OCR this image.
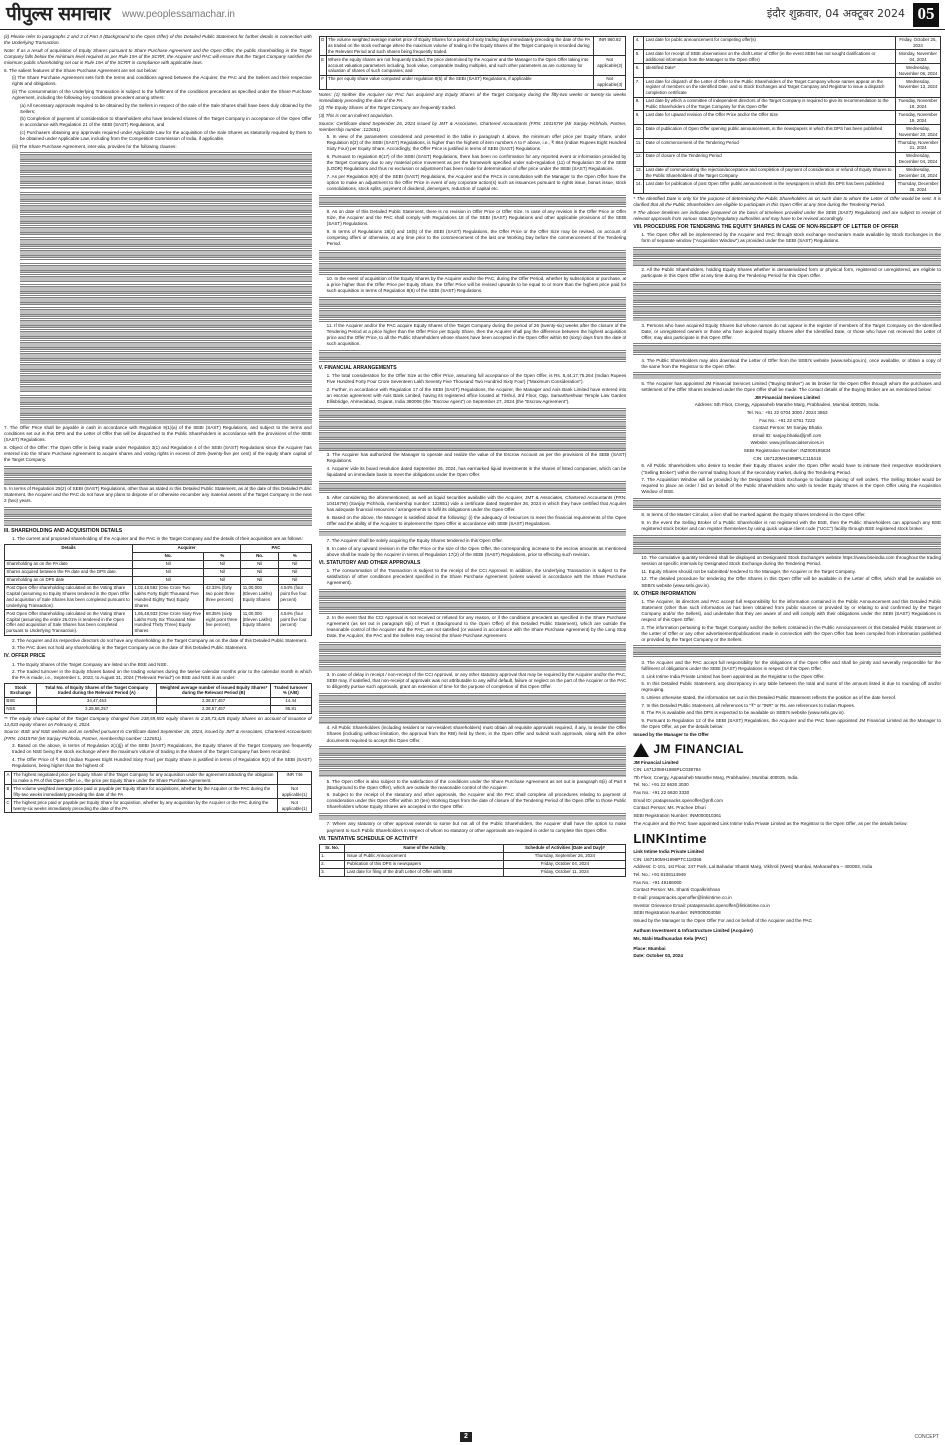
पीपुल्स समाचार www.peoplessamachar.in	इंदौर शुक्रवार, 04 अक्टूबर 2024 05

(ii) Please refer to paragraphs 2 and 3 of Part II (Background to the Open Offer) of this Detailed Public Statement for further details in connection with the Underlying Transaction.

Note: If as a result of acquisition of Equity Shares pursuant to Share Purchase Agreement and the Open Offer, the public shareholding in the Target Company falls below the minimum level required as per Rule 19A of the SCRR, the Acquirer and PAC will ensure that the Target Company satisfies the minimum public shareholding set out in Rule 19A of the SCRR in compliance with applicable laws.

6. The salient features of the Share Purchase Agreement are set out below:

(i) The Share Purchase Agreement sets forth the terms and conditions agreed between the Acquirer, the PAC and the Sellers and their respective rights and obligations.

(ii) The consummation of the Underlying Transaction is subject to the fulfilment of the conditions precedent as specified under the Share Purchase Agreement, including the following key conditions precedent among others:

(a) All necessary approvals required to be obtained by the Sellers in respect of the sale of the Sale Shares shall have been duly obtained by the Sellers;

(b) Completion of payment of consideration to shareholders who have tendered shares of the Target Company in acceptance of the Open Offer in accordance with Regulation 21 of the SEBI (SAST) Regulations, and

(c) Purchasers obtaining any approvals required under Applicable Law for the acquisition of the Sale Shares as statutorily required by them to be obtained under Applicable Law, including from the Competition Commission of India, if applicable.

(iii) The Share Purchase Agreement, inter-alia, provides for the following clauses:

7. The Offer Price shall be payable in cash in accordance with Regulation 9(1)(a) of the SEBI (SAST) Regulations, and subject to the terms and conditions set out in this DPS and the Letter of Offer that will be dispatched to the Public Shareholders in accordance with the provisions of the SEBI (SAST) Regulations.

8. Object of the Offer: The Open Offer is being made under Regulation 3(1) and Regulation 4 of the SEBI (SAST) Regulations since the Acquirer has entered into the Share Purchase Agreement to acquire shares and voting rights in excess of 25% (twenty-five per cent) of the equity share capital of the Target Company.

9. In terms of Regulation 25(2) of SEBI (SAST) Regulations, other than as stated in this Detailed Public Statement, as at the date of this Detailed Public Statement, the Acquirer and the PAC do not have any plans to dispose of or otherwise encumber any material assets of the Target Company in the next 2 (two) years.

III. SHAREHOLDING AND ACQUISITION DETAILS

1. The current and proposed shareholding of the Acquirer and the PAC in the Target Company and the details of their acquisition are as follows:

Details	Acquirer		PAC	
	No.	%	No.	%
Shareholding as on the PA date	Nil	Nil	Nil	Nil
Shares acquired between the PA date and the DPS date.	Nil	Nil	Nil	Nil
Shareholding as on DPS date	Nil	Nil	Nil	Nil
Post Open Offer shareholding calculated on the Voting Share Capital (assuming no Equity Shares tendered in the Open Offer and acquisition of Sale Shares has been completed pursuant to Underlying Transaction).	1,02,48,582 (One Crore Two Lakhs Forty Eight Thousand Five Hundred Eighty Two) Equity Shares	42.33% (forty two point three three percent)	11,00,000 (Eleven Lakhs) Equity Shares	4.54% (four point five four percent)
Post Open Offer shareholding calculated on the Voting Share Capital (assuming the entire 26.01% is tendered in the Open Offer and acquisition of Sale Shares has been completed pursuant to Underlying Transaction).	1,65,48,933 (One Crore Sixty Five Lakhs Forty Six Thousand Nine Hundred Thirty Three) Equity Shares	68.35% (sixty eight point three five percent)	11,00,000 (Eleven Lakhs) Equity Shares	4.54% (four point five four percent)

2. The Acquirer and its respective directors do not have any shareholding in the Target Company as on the date of this Detailed Public Statement.

3. The PAC does not hold any shareholding in the Target Company as on the date of this Detailed Public Statement.

IV. OFFER PRICE

1. The Equity Shares of the Target Company are listed on the BSE and NSE.

2. The traded turnover in the Equity Shares based on the trading volumes during the twelve calendar months prior to the calendar month in which the PA is made, i.e., September 1, 2023, to August 31, 2024 ("Relevant Period") on BSE and NSE is as under:

Stock Exchange	Total No. of Equity Shares of the Target Company traded during the Relevant Period (A)	Weighted average number of issued Equity Shares* during the Relevant Period (B)	Traded turnover % (A/B)
BSE	34,47,463	2,38,67,457	14.44
NSE	2,28,66,257	2,38,67,457	95.81

** The equity share capital of the Target Company changed from 238,59,592 equity shares to 2,38,73,425 Equity Shares on account of issuance of 13,833 equity shares on February 6, 2024.

Source: BSE and NSE website and as certified pursuant to Certificate dated September 26, 2024, issued by JMT & Associates, Chartered Accountants (FRN: 104157W (Mr Sanjay Pichhola, Partner, membership number :122651).

3. Based on the above, in terms of Regulation 2(1)(j) of the SEBI (SAST) Regulations, the Equity Shares of the Target Company are frequently traded on NSE being the stock exchange where the maximum volume of trading in the shares of the Target Company has been recorded.

4. The Offer Price of ₹ 864 (Indian Rupees Eight Hundred Sixty Four) per Equity Share is justified in terms of Regulation 8(2) of the SEBI (SAST) Regulations, being higher than the highest of:

A	The highest negotiated price per Equity Share of the Target Company for any acquisition under the agreement attracting the obligation to make a PA of this Open Offer i.e., the price per Equity Share under the Share Purchase Agreement.	INR 746
B	The volume weighted average price paid or payable per Equity Share for acquisitions, whether by the Acquirer or the PAC during the fifty-two weeks immediately preceding the date of the PA	Not applicable(1)
C	The highest price paid or payable per Equity Share for acquisition, whether by any acquisition by the Acquirer or the PAC during the twenty-six weeks immediately preceding the date of the PA	Not applicable(1)
D	The volume weighted average market price of Equity Shares for a period of sixty trading days immediately preceding the date of the PA as traded on the stock exchange where the maximum volume of trading in the Equity Shares of the Target Company is recorded during the Relevant Period and such shares being frequently traded.	INR 860.82
E	Where the equity shares are not frequently traded, the price determined by the Acquirer and the Manager to the Open Offer taking into account valuation parameters including, book value, comparable trading multiples, and such other parameters as are customary for valuation of shares of such companies; and	Not applicable(2)
F	The per equity share value computed under regulation 8(5) of the SEBI (SAST) Regulations, if applicable	Not applicable(3)

Notes: (1) Neither the Acquirer nor PAC has acquired any Equity Shares of the Target Company during the fifty-two weeks or twenty-six weeks immediately preceding the date of the PA.

(2) The Equity Shares of the Target Company are frequently traded.

(3) This is not an indirect acquisition.

Source: Certificate dated September 26, 2024 issued by JMT & Associates, Chartered Accountants (FRN: 104157W (Mr Sanjay Pichhola, Partner, membership number :122651)

5. In view of the parameters considered and presented in the table in paragraph 4 above, the minimum offer price per Equity Share, under Regulation 8(2) of the SEBI (SAST) Regulations, is higher than the highest of item numbers A to F above, i.e., ₹ 864 (Indian Rupees Eight Hundred Sixty Four) per Equity Share. Accordingly, the Offer Price is justified in terms of SEBI (SAST) Regulations.

6. Pursuant to regulation 8(17) of the SEBI (SAST) Regulations, there has been no confirmation for any reported event or information provided by the Target Company due to any material price movement as per the framework specified under sub-regulation (11) of Regulation 30 of the SEBI (LODR) Regulations and thus no exclusion or adjustment has been made for determination of offer price under the SEBI (SAST) Regulations.

7. As per Regulation 8(9) of the SEBI (SAST) Regulations, the Acquirer and the PACs in consultation with the Manager to the Open Offer have the option to make an adjustment to the Offer Price in event of any corporate action(s) such as issuances pursuant to rights issue, bonus issue, stock consolidations, stock splits, payment of dividend, demergers, reduction of capital etc.

8. As on date of this Detailed Public Statement, there is no revision in Offer Price or Offer Size. In case of any revision in the Offer Price or Offer Size, the Acquirer and the PAC shall comply with Regulations 18 of the SEBI (SAST) Regulations and other applicable provisions of the SEBI (SAST) Regulations.

9. In terms of Regulations 18(4) and 18(5) of the SEBI (SAST) Regulations, the Offer Price or the Offer Size may be revised, on account of competing offers or otherwise, at any time prior to the commencement of the last one Working Day before the commencement of the Tendering Period.

10. In the event of acquisition of the Equity Shares by the Acquirer and/or the PAC, during the Offer Period, whether by subscription or purchase, at a price higher than the Offer Price per Equity Share, the Offer Price will be revised upwards to be equal to or more than the highest price paid for such acquisition in terms of Regulation 8(8) of the SEBI (SAST) Regulations.

11. If the Acquirer and/or the PAC acquire Equity Shares of the Target Company during the period of 26 (twenty-six) weeks after the closure of the Tendering Period at a price higher than the Offer Price per Equity Share, then the Acquirer shall pay the difference between the highest acquisition price and the Offer Price, to all the Public Shareholders whose shares have been accepted in the Open Offer within 60 (sixty) days from the date of such acquisition.

V. FINANCIAL ARRANGEMENTS

1. The total consideration for the Offer Size at the Offer Price, assuming full acceptance of the Open Offer, is Rs. 5,44,17,75,264 (Indian Rupees Five Hundred Forty Four Crore Seventeen Lakh Seventy Five Thousand Two Hundred Sixty Four) ("Maximum Consideration").

2. Further, in accordance with Regulation 17 of the SEBI (SAST) Regulations, the Acquirer, the Manager and Axis Bank Limited have entered into an escrow agreement with Axis Bank Limited, having its registered office located at Trishul, 3rd Floor, Opp. Samartheshwar Temple Law Garden Ellisbridge, Ahmedabad, Gujarat, India 380006 (the "Escrow Agent") on September 27, 2024 (the "Escrow Agreement").

3. The Acquirer has authorized the Manager to operate and realize the value of the Escrow Account as per the provisions of the SEBI (SAST) Regulations.

4. Acquirer vide its board resolution dated September 26, 2024, has earmarked liquid investments in the shares of listed companies, which can be liquidated on immediate basis to meet the obligations under the Open Offer.

5. After considering the aforementioned, as well as liquid securities available with the Acquirer, JMT & Associates, Chartered Accountants (FRN: 104167W) (Sanjay Pichhola, membership number: 122651) vide a certificate dated September 26, 2024 in which they have certified that Acquirer has adequate financial resources / arrangements to fulfil its obligations under the Open Offer.

6. Based on the above, the Manager is satisfied about the following: (i) the adequacy of resources to meet the financial requirements of the Open Offer and the ability of the Acquirer to implement the Open Offer in accordance with SEBI (SAST) Regulations.

7. The Acquirer shall be solely acquiring the Equity Shares tendered in this Open Offer.

8. In case of any upward revision in the Offer Price or the size of the Open Offer, the corresponding increase to the escrow amounts as mentioned above shall be made by the Acquirer in terms of Regulation 17(2) of the SEBI (SAST) Regulations, prior to effecting such revision.

VI. STATUTORY AND OTHER APPROVALS

1. The consummation of the Transaction is subject to the receipt of the CCI Approval. In addition, the Underlying Transaction is subject to the satisfaction of other conditions precedent specified in the Share Purchase Agreement (unless waived in accordance with the Share Purchase Agreement).

2. In the event that the CCI Approval is not received or refused for any reason, or if the conditions precedent as specified in the Share Purchase Agreement (as set out in paragraph 6(ii) of Part II (Background to the Open Offer) of this Detailed Public Statement), which are outside the reasonable control of the Acquirer and the PAC, are not satisfied (or waived in accordance with the Share Purchase Agreement) by the Long Stop Date, the Acquirer, the PAC and the Sellers may rescind the Share Purchase Agreement.

3. In case of delay in receipt / non-receipt of the CCI Approval, or any other statutory approval that may be required by the Acquirer and/or the PAC, SEBI may, if satisfied, that non-receipt of approvals was not attributable to any wilful default, failure or neglect on the part of the Acquirer or the PAC to diligently pursue such approvals, grant an extension of time for the purpose of completion of this Open Offer.

4. All Public Shareholders (including resident or non-resident shareholders) must obtain all requisite approvals required, if any, to tender the Offer Shares (including without limitation, the approval from the RBI) held by them, in the Open Offer and submit such approvals, along with the other documents required to accept this Open Offer.

5. The Open Offer is also subject to the satisfaction of the conditions under the Share Purchase Agreement as set out in paragraph 6(ii) of Part II (Background to the Open Offer), which are outside the reasonable control of the Acquirer.

6. Subject to the receipt of the statutory and other approvals, the Acquirer and the PAC shall complete all procedures relating to payment of consideration under this Open Offer within 10 (ten) Working Days from the date of closure of the Tendering Period of the Open Offer to those Public Shareholders whose Equity Shares are accepted in the Open Offer.

7. Where any statutory or other approval extends to some but not all of the Public Shareholders, the Acquirer shall have the option to make payment to such Public Shareholders in respect of whom no statutory or other approvals are required in order to complete this Open Offer.

VII. TENTATIVE SCHEDULE OF ACTIVITY
Sr. No.	Name of the Activity	Schedule of Activities (Date and Day)#
1.	Issue of Public Announcement	Thursday, September 26, 2024
2.	Publication of this DPS in newspapers	Friday, October 04, 2024
3.	Last date for filing of the draft Letter of Offer with SEBI	Friday, October 11, 2024
4.	Last date for public announcement for competing offer(s)	Friday, October 25, 2024
5.	Last date for receipt of SEBI observations on the draft Letter of Offer (in the event SEBI has not sought clarifications or additional information from the Manager to the Open Offer)	Monday, November 04, 2024
6.	Identified Date*	Wednesday, November 06, 2024
7.	Last date for dispatch of the Letter of Offer to the Public Shareholders of the Target Company whose names appear on the register of members on the Identified Date, and to Stock Exchanges and Target Company and Registrar to issue a dispatch completion certificate	Wednesday, November 13, 2024
8.	Last date by which a committee of independent directors of the Target Company is required to give its recommendation to the Public Shareholders of the Target Company for this Open Offer	Tuesday, November 19, 2024
9.	Last date for upward revision of the Offer Price and/or the Offer Size	Tuesday, November 19, 2024
10.	Date of publication of Open Offer opening public announcement, in the newspapers in which this DPS has been published	Wednesday, November 20, 2024
11.	Date of commencement of the Tendering Period	Thursday, November 21, 2024
12.	Date of closure of the Tendering Period	Wednesday, December 04, 2024
13.	Last date of communicating the rejection/acceptance and completion of payment of consideration or refund of Equity Shares to the Public Shareholders of the Target Company	Wednesday, December 18, 2024
14.	Last date for publication of post Open Offer public announcement in the newspapers in which this DPS has been published	Thursday, December 26, 2024

* The Identified Date is only for the purpose of determining the Public Shareholders as on such date to whom the Letter of Offer would be sent. It is clarified that all the Public Shareholders are eligible to participate in this Open Offer at any time during the Tendering Period.

# The above timelines are indicative (prepared on the basis of timelines provided under the SEBI (SAST) Regulations) and are subject to receipt of relevant approvals from various statutory/regulatory authorities and may have to be revised accordingly.

VIII. PROCEDURE FOR TENDERING THE EQUITY SHARES IN CASE OF NON-RECEIPT OF LETTER OF OFFER

1. The Open Offer will be implemented by the Acquirer and PAC through stock exchange mechanism made available by Stock Exchanges in the form of separate window ("Acquisition Window") as provided under the SEBI (SAST) Regulations.

2. All the Public Shareholders, holding Equity Shares whether in dematerialized form or physical form, registered or unregistered, are eligible to participate in this Open Offer at any time during the Tendering Period for this Open Offer.

3. Persons who have acquired Equity Shares but whose names do not appear in the register of members of the Target Company on the Identified Date, or unregistered owners or those who have acquired Equity Shares after the Identified Date, or those who have not received the Letter of Offer, may also participate in this Open Offer.

4. The Public Shareholders may also download the Letter of Offer from the SEBI's website (www.sebi.gov.in), once available, or obtain a copy of the same from the Registrar to the Open Offer.

5. The Acquirer has appointed JM Financial Services Limited ("Buying Broker") as its broker for the Open Offer through whom the purchases and settlement of the Offer Shares tendered under the Open Offer shall be made. The contact details of the Buying Broker are as mentioned below:

JM Financial Services Limited

Address: 5th Floor, Cnergy, Appasaheb Marathe Marg, Prabhadevi, Mumbai 400025, India.

Tel. No.: +91 22 6704 3000 / 3024 3853

Fax No.: +91 22 6761 7222

Contact Person: Mr Sanjay Bhatia

Email ID: sanjay.bhatia@jmfl.com

Website: www.jmfinancialservices.in

SEBI Registration Number: INZ000195834

CIN: U67120MH1998PLC115415

6. All Public Shareholders who desire to tender their Equity Shares under the Open Offer would have to intimate their respective stockbrokers ("Selling Broker") within the normal trading hours of the secondary market, during the Tendering Period.

7. The Acquisition Window will be provided by the Designated Stock Exchange to facilitate placing of sell orders. The Selling Broker would be required to place an order / bid on behalf of the Public Shareholders who wish to tender Equity Shares in the Open Offer using the Acquisition Window of BSE.

8. In terms of the Master Circular, a lien shall be marked against the Equity Shares tendered in the Open Offer.

9. In the event the Selling Broker of a Public Shareholder is not registered with the BSE, then the Public Shareholders can approach any BSE registered stock broker and can register themselves by using quick unique client code ("UCC") facility through BSE registered stock broker.

10. The cumulative quantity tendered shall be displayed on Designated Stock Exchange's website https://www.bseindia.com throughout the trading session at specific intervals by Designated Stock Exchange during the Tendering Period.

11. Equity Shares should not be submitted/ tendered to the Manager, the Acquirer or the Target Company.

12. The detailed procedure for tendering the Offer Shares in this Open Offer will be available in the Letter of Offer, which shall be available on SEBI's website (www.sebi.gov.in).

IX. OTHER INFORMATION

1. The Acquirer, its directors and PAC accept full responsibility for the information contained in the Public Announcement and this Detailed Public Statement (other than such information as has been obtained from public sources or provided by or relating to and confirmed by the Target Company and/or the Sellers), and undertake that they are aware of and will comply with their obligations under the SEBI (SAST) Regulations in respect of this Open Offer.

2. The information pertaining to the Target Company and/or the Sellers contained in the Public Announcement or this Detailed Public Statement or the Letter of Offer or any other advertisement/publications made in connection with the Open Offer has been compiled from information published or provided by the Target Company or the Sellers.

3. The Acquirer and the PAC accept full responsibility for the obligations of the Open Offer and shall be jointly and severally responsible for the fulfilment of obligations under the SEBI (SAST) Regulations in respect of this Open Offer.

4. Link Intime India Private Limited has been appointed as the Registrar to the Open Offer.

5. In this Detailed Public Statement, any discrepancy in any table between the total and sums of the amount listed is due to rounding off and/or regrouping.

6. Unless otherwise stated, the information set out in this Detailed Public Statement reflects the position as of the date hereof.

7. In this Detailed Public Statement, all references to "₹" or "INR" or Rs. are references to Indian Rupees.

8. The PA is available and this DPS is expected to be available on SEBI's website (www.sebi.gov.in).

9. Pursuant to Regulation 12 of the SEBI (SAST) Regulations, the Acquirer and the PAC have appointed JM Financial Limited as the Manager to the Open Offer, as per the details below:

Issued by the Manager to the Offer

JM FINANCIAL

JM Financial Limited

CIN: L67120MH1986PLC038784

7th Floor, Cnergy, Appasaheb Marathe Marg, Prabhadevi, Mumbai 400025, India.

Tel. No.: +91 22 6630 3030

Fax No.: +91 22 6630 3330

Email ID: pratapsnacks.openoffer@jmfl.com

Contact Person: Ms. Prachee Dhuri

SEBI Registration Number: INM000010361

The Acquirer and the PAC have appointed Link Intime India Private Limited as the Registrar to the Open Offer, as per the details below:

LINKIntime

Link Intime India Private Limited

CIN: U67190MH1999PTC118368

Address: C-101, 1st Floor, 247 Park, Lal Bahadur Shastri Marg, Vikhroli (West) Mumbai, Maharashtra – 400083, India

Tel. No.: +91 8108114949

Fax No.: +91 49186060

Contact Person: Ms. Shanti Gopalkrishnan

E-mail: pratapsnacks.openoffer@linkintime.co.in

Investor Grievance Email: pratapsnacks.openoffer@linkintime.co.in

SEBI Registration Number: INR000004058

Issued by the Manager to the Open Offer For and on behalf of the Acquirer and the PAC

Authum Investment & Infrastructure Limited (Acquirer)

Ms. Mahi Madhusudan Kela (PAC)

Place: Mumbai

Date: October 03, 2024

2	CONCEPT
